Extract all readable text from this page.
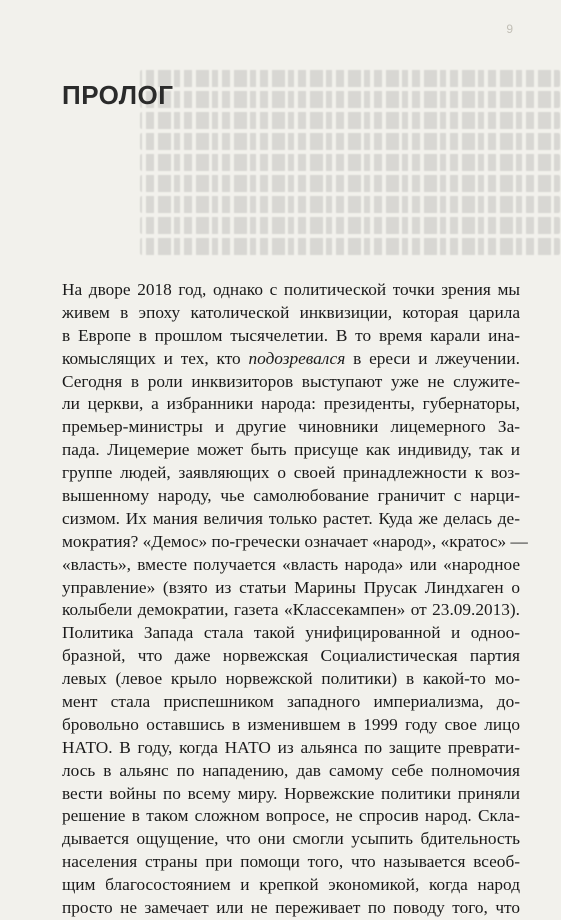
9
ПРОЛОГ
На дворе 2018 год, однако с политической точки зрения мы
живем в эпоху католической инквизиции, которая царила
в Европе в прошлом тысячелетии. В то время карали ина-
комыслящих и тех, кто подозревался в ереси и лжеучении.
Сегодня в роли инквизиторов выступают уже не служите-
ли церкви, а избранники народа: президенты, губернаторы,
премьер-министры и другие чиновники лицемерного За-
пада. Лицемерие может быть присуще как индивиду, так и
группе людей, заявляющих о своей принадлежности к воз-
вышенному народу, чье самолюбование граничит с нарци-
сизмом. Их мания величия только растет. Куда же делась де-
мократия? «Демос» по-гречески означает «народ», «кратос» —
«власть», вместе получается «власть народа» или «народное
управление» (взято из статьи Марины Прусак Линдхаген о
колыбели демократии, газета «Классекампен» от 23.09.2013).
Политика Запада стала такой унифицированной и одноо-
бразной, что даже норвежская Социалистическая партия
левых (левое крыло норвежской политики) в какой-то мо-
мент стала приспешником западного империализма, до-
бровольно оставшись в изменившем в 1999 году свое лицо
НАТО. В году, когда НАТО из альянса по защите преврати-
лось в альянс по нападению, дав самому себе полномочия
вести войны по всему миру. Норвежские политики приняли
решение в таком сложном вопросе, не спросив народ. Скла-
дывается ощущение, что они смогли усыпить бдительность
населения страны при помощи того, что называется всеоб-
щим благосостоянием и крепкой экономикой, когда народ
просто не замечает или не переживает по поводу того, что
